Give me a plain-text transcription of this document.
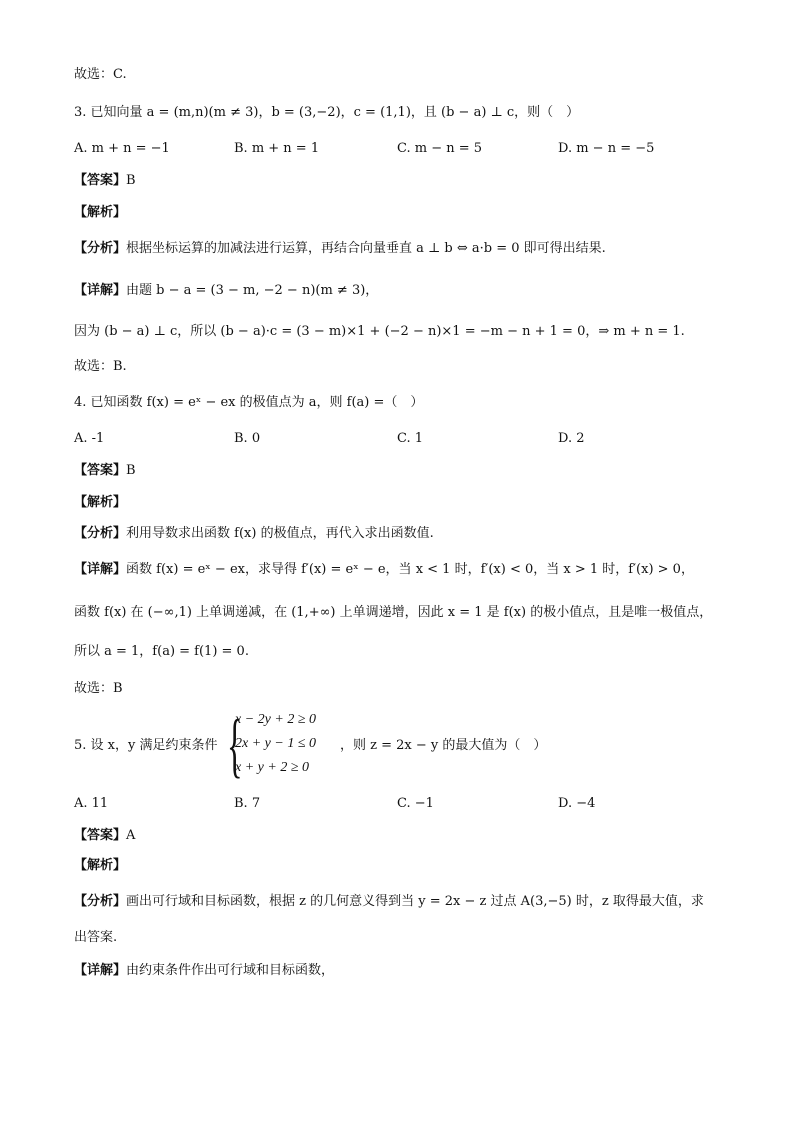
故选：C.
3. 已知向量 a = (m,n)(m ≠ 3)，b = (3,−2)，c = (1,1)，且 (b − a) ⊥ c，则（　）
A. m + n = −1	B. m + n = 1	C. m − n = 5	D. m − n = −5
【答案】B
【解析】
【分析】根据坐标运算的加减法进行运算，再结合向量垂直 a ⊥ b ⇔ a·b = 0 即可得出结果.
【详解】由题 b − a = (3 − m, −2 − n)(m ≠ 3)，
因为 (b − a) ⊥ c，所以 (b − a)·c = (3 − m)×1 + (−2 − n)×1 = −m − n + 1 = 0，⇒ m + n = 1.
故选：B.
4. 已知函数 f(x) = eˣ − ex 的极值点为 a，则 f(a) =（　）
A. -1	B. 0	C. 1	D. 2
【答案】B
【解析】
【分析】利用导数求出函数 f(x) 的极值点，再代入求出函数值.
【详解】函数 f(x) = eˣ − ex，求导得 f′(x) = eˣ − e，当 x < 1 时，f′(x) < 0，当 x > 1 时，f′(x) > 0，
函数 f(x) 在 (−∞,1) 上单调递减，在 (1,+∞) 上单调递增，因此 x = 1 是 f(x) 的极小值点，且是唯一极值点，
所以 a = 1，f(a) = f(1) = 0.
故选：B
5. 设 x，y 满足约束条件 {
x − 2y + 2 ≥ 0
2x + y − 1 ≤ 0
x + y + 2 ≥ 0
，则 z = 2x − y 的最大值为（　）
A. 11	B. 7	C. −1	D. −4
【答案】A
【解析】
【分析】画出可行域和目标函数，根据 z 的几何意义得到当 y = 2x − z 过点 A(3,−5) 时，z 取得最大值，求
出答案.
【详解】由约束条件作出可行域和目标函数，
